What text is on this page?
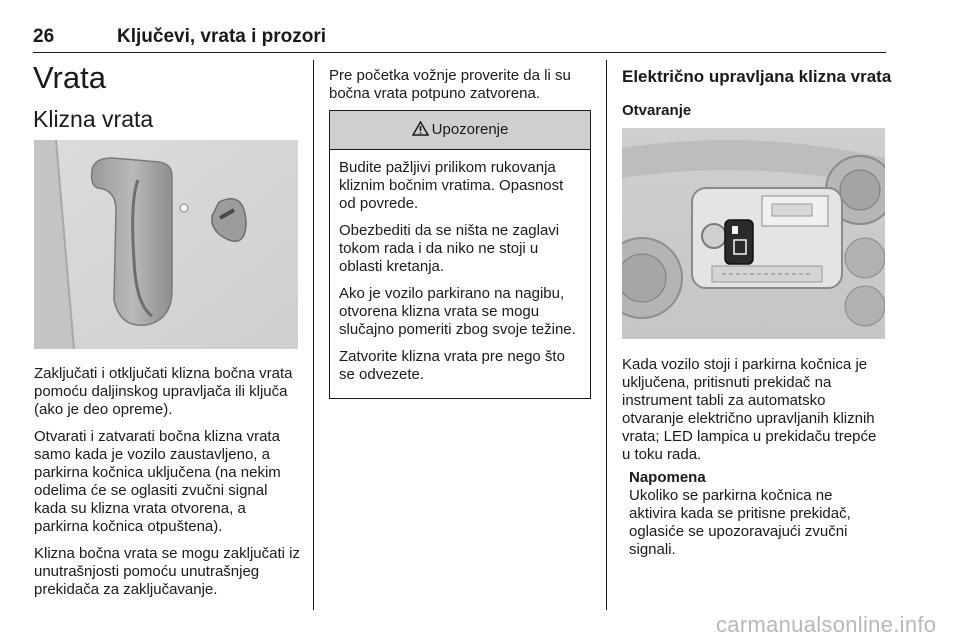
26	Ključevi, vrata i prozori
Vrata
Klizna vrata

Zaključati i otključati klizna bočna vrata pomoću daljinskog upravljača ili ključa (ako je deo opreme).

Otvarati i zatvarati bočna klizna vrata samo kada je vozilo zaustavljeno, a parkirna kočnica uključena (na nekim odelima će se oglasiti zvučni signal kada su klizna vrata otvorena, a parkirna kočnica otpuštena).

Klizna bočna vrata se mogu zaključati iz unutrašnjosti pomoću unutrašnjeg prekidača za zaključavanje.

Pre početka vožnje proverite da li su bočna vrata potpuno zatvorena.
Upozorenje

Budite pažljivi prilikom rukovanja kliznim bočnim vratima. Opasnost od povrede.

Obezbediti da se ništa ne zaglavi tokom rada i da niko ne stoji u oblasti kretanja.

Ako je vozilo parkirano na nagibu, otvorena klizna vrata se mogu slučajno pomeriti zbog svoje težine.

Zatvorite klizna vrata pre nego što se odvezete.

Električno upravljana klizna vrata
Otvaranje
Kada vozilo stoji i parkirna kočnica je uključena, pritisnuti prekidač na instrument tabli za automatsko otvaranje električno upravljanih kliznih vrata; LED lampica u prekidaču trepće u toku rada.
Napomena
Ukoliko se parkirna kočnica ne aktivira kada se pritisne prekidač, oglasiće se upozoravajući zvučni signali.
carmanualsonline.info
